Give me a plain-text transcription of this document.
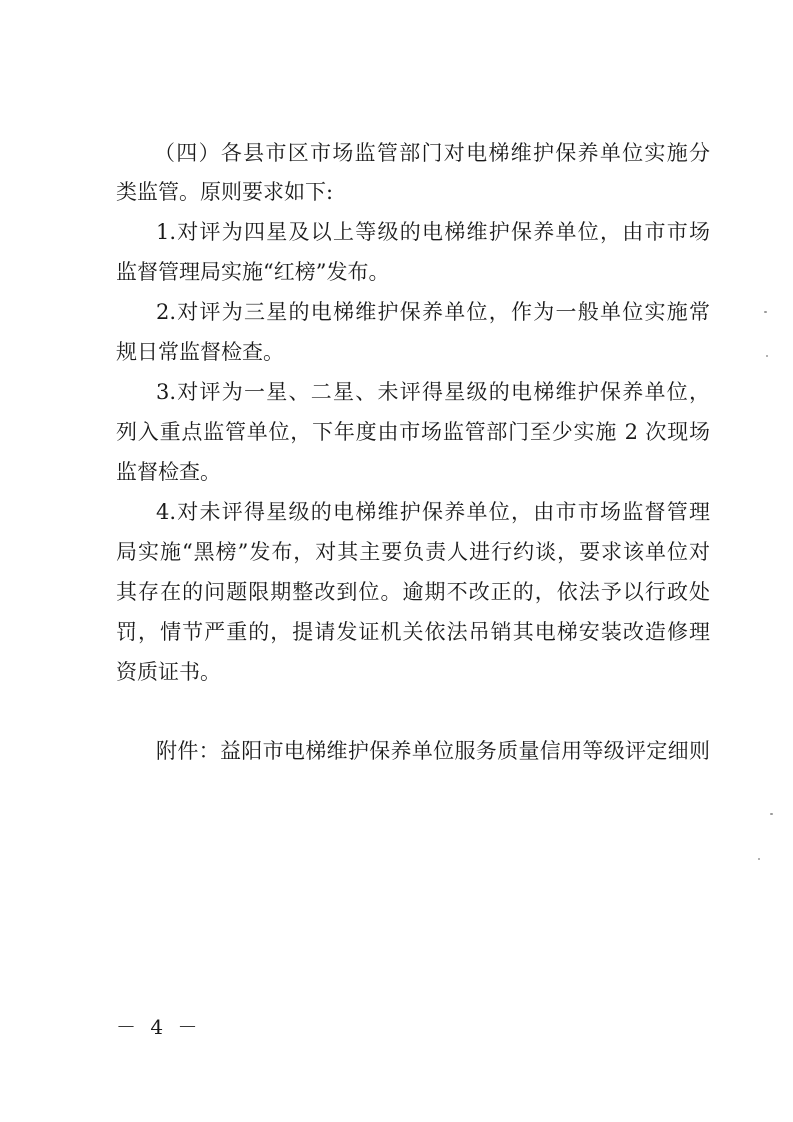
（四）各县市区市场监管部门对电梯维护保养单位实施分
类监管。原则要求如下:
1.对评为四星及以上等级的电梯维护保养单位，由市市场
监督管理局实施“红榜”发布。
2.对评为三星的电梯维护保养单位，作为一般单位实施常
规日常监督检查。
3.对评为一星、二星、未评得星级的电梯维护保养单位，
列入重点监管单位，下年度由市场监管部门至少实施 2 次现场
监督检查。
4.对未评得星级的电梯维护保养单位，由市市场监督管理
局实施“黑榜”发布，对其主要负责人进行约谈，要求该单位对
其存在的问题限期整改到位。逾期不改正的，依法予以行政处
罚，情节严重的，提请发证机关依法吊销其电梯安装改造修理
资质证书。
附件：益阳市电梯维护保养单位服务质量信用等级评定细则
－ 4 －
